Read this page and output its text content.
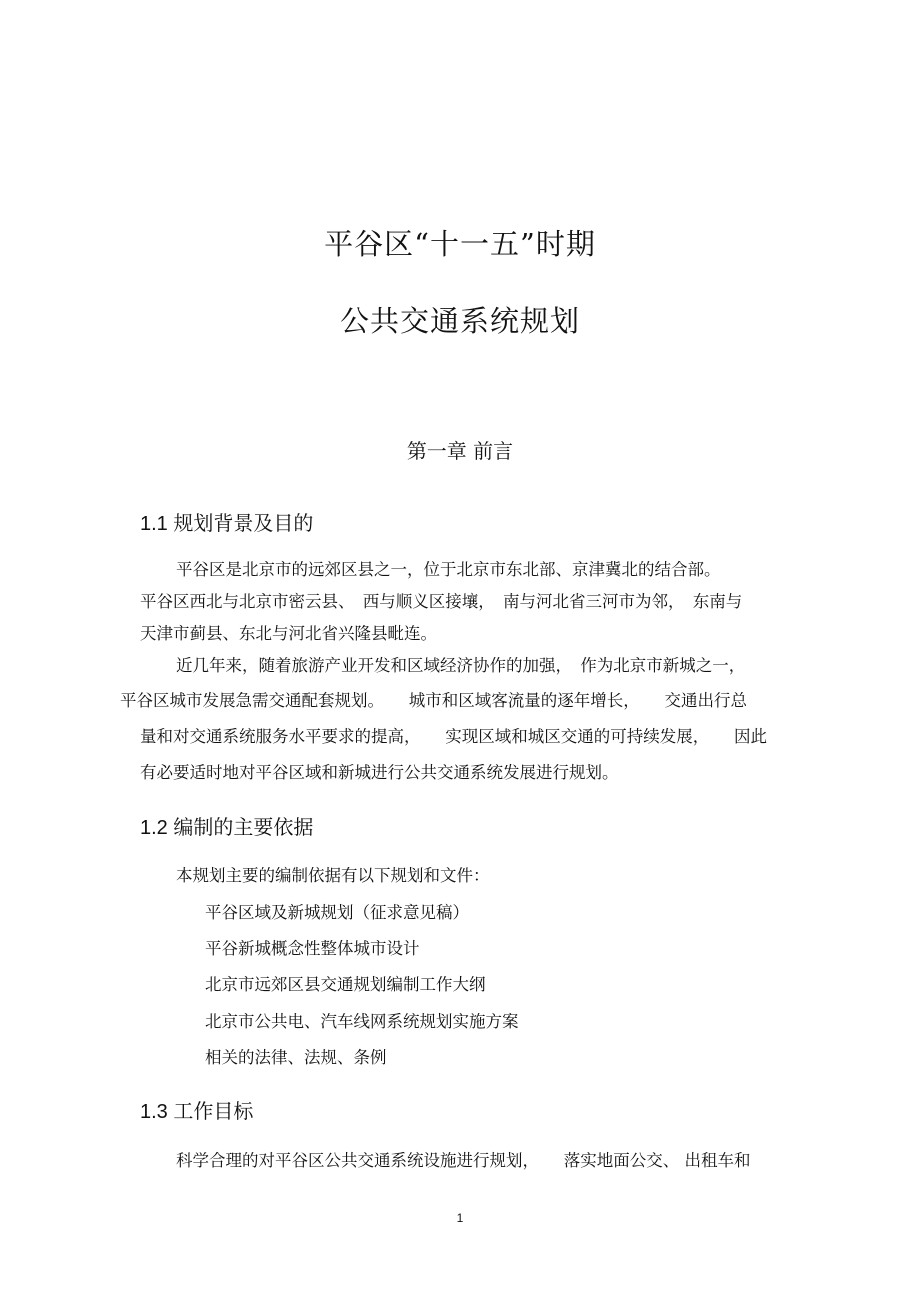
平谷区“十一五”时期
公共交通系统规划
第一章 前言
1.1 规划背景及目的
平谷区是北京市的远郊区县之一，位于北京市东北部、京津冀北的结合部。
平谷区西北与北京市密云县、　西与顺义区接壤，　南与河北省三河市为邻，　东南与
天津市蓟县、东北与河北省兴隆县毗连。
近几年来，随着旅游产业开发和区域经济协作的加强，　作为北京市新城之一，
平谷区城市发展急需交通配套规划。　　城市和区域客流量的逐年增长，　　交通出行总
量和对交通系统服务水平要求的提高，　　实现区域和城区交通的可持续发展，　　因此
有必要适时地对平谷区域和新城进行公共交通系统发展进行规划。
1.2 编制的主要依据
本规划主要的编制依据有以下规划和文件：
平谷区域及新城规划（征求意见稿）
平谷新城概念性整体城市设计
北京市远郊区县交通规划编制工作大纲
北京市公共电、汽车线网系统规划实施方案
相关的法律、法规、条例
1.3 工作目标
科学合理的对平谷区公共交通系统设施进行规划，　　落实地面公交、 出租车和
1
